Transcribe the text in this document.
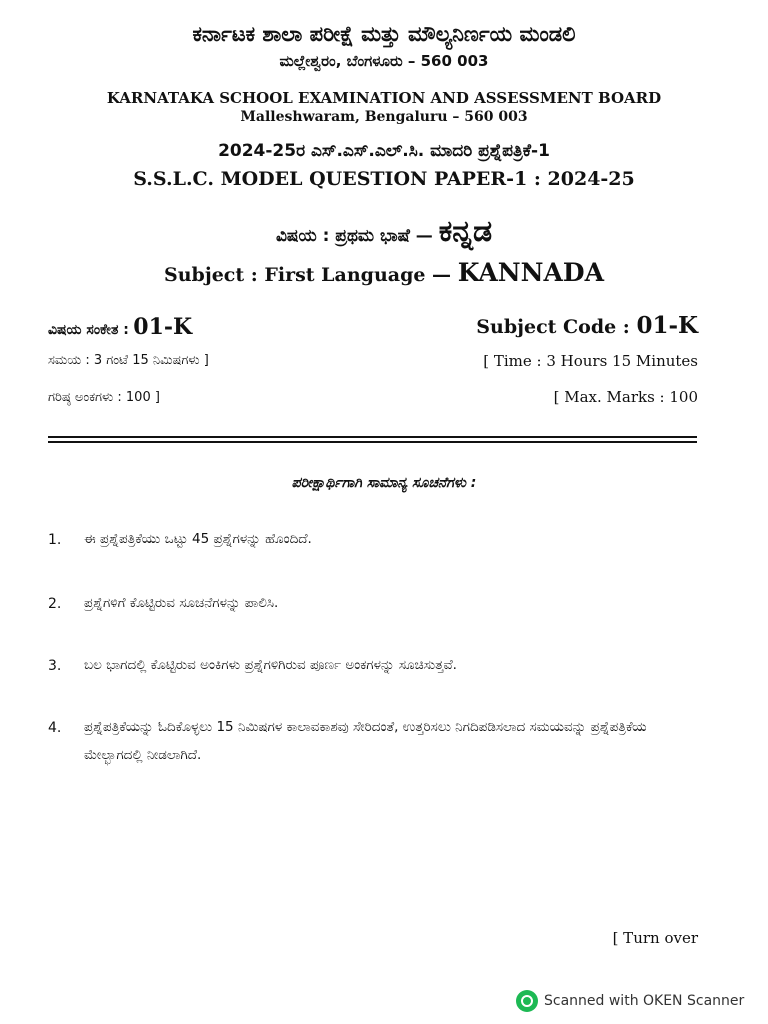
ಕರ್ನಾಟಕ ಶಾಲಾ ಪರೀಕ್ಷೆ ಮತ್ತು ಮೌಲ್ಯನಿರ್ಣಯ ಮಂಡಲಿ
ಮಲ್ಲೇಶ್ವರಂ, ಬೆಂಗಳೂರು – 560 003
KARNATAKA SCHOOL EXAMINATION AND ASSESSMENT BOARD
Malleshwaram, Bengaluru – 560 003
2024-25ರ ಎಸ್.ಎಸ್.ಎಲ್.ಸಿ. ಮಾದರಿ ಪ್ರಶ್ನೆಪತ್ರಿಕೆ-1
S.S.L.C. MODEL QUESTION PAPER-1 : 2024-25
ವಿಷಯ : ಪ್ರಥಮ ಭಾಷೆ — ಕನ್ನಡ
Subject : First Language — KANNADA
ವಿಷಯ ಸಂಕೇತ : 01-K	Subject Code : 01-K
ಸಮಯ : 3 ಗಂಟೆ 15 ನಿಮಿಷಗಳು ]	[ Time : 3 Hours 15 Minutes
ಗರಿಷ್ಠ ಅಂಕಗಳು : 100 ]	[ Max. Marks : 100
ಪರೀಕ್ಷಾರ್ಥಿಗಾಗಿ ಸಾಮಾನ್ಯ ಸೂಚನೆಗಳು :
1. ಈ ಪ್ರಶ್ನೆಪತ್ರಿಕೆಯು ಒಟ್ಟು 45 ಪ್ರಶ್ನೆಗಳನ್ನು ಹೊಂದಿದೆ.
2. ಪ್ರಶ್ನೆಗಳಿಗೆ ಕೊಟ್ಟಿರುವ ಸೂಚನೆಗಳನ್ನು ಪಾಲಿಸಿ.
3. ಬಲ ಭಾಗದಲ್ಲಿ ಕೊಟ್ಟಿರುವ ಅಂಕಿಗಳು ಪ್ರಶ್ನೆಗಳಿಗಿರುವ ಪೂರ್ಣ ಅಂಕಗಳನ್ನು ಸೂಚಿಸುತ್ತವೆ.
4. ಪ್ರಶ್ನೆಪತ್ರಿಕೆಯನ್ನು ಓದಿಕೊಳ್ಳಲು 15 ನಿಮಿಷಗಳ ಕಾಲಾವಕಾಶವು ಸೇರಿದಂತೆ, ಉತ್ತರಿಸಲು ನಿಗದಿಪಡಿಸಲಾದ ಸಮಯವನ್ನು ಪ್ರಶ್ನೆಪತ್ರಿಕೆಯ ಮೇಲ್ಭಾಗದಲ್ಲಿ ನೀಡಲಾಗಿದೆ.
[ Turn over
Scanned with OKEN Scanner
